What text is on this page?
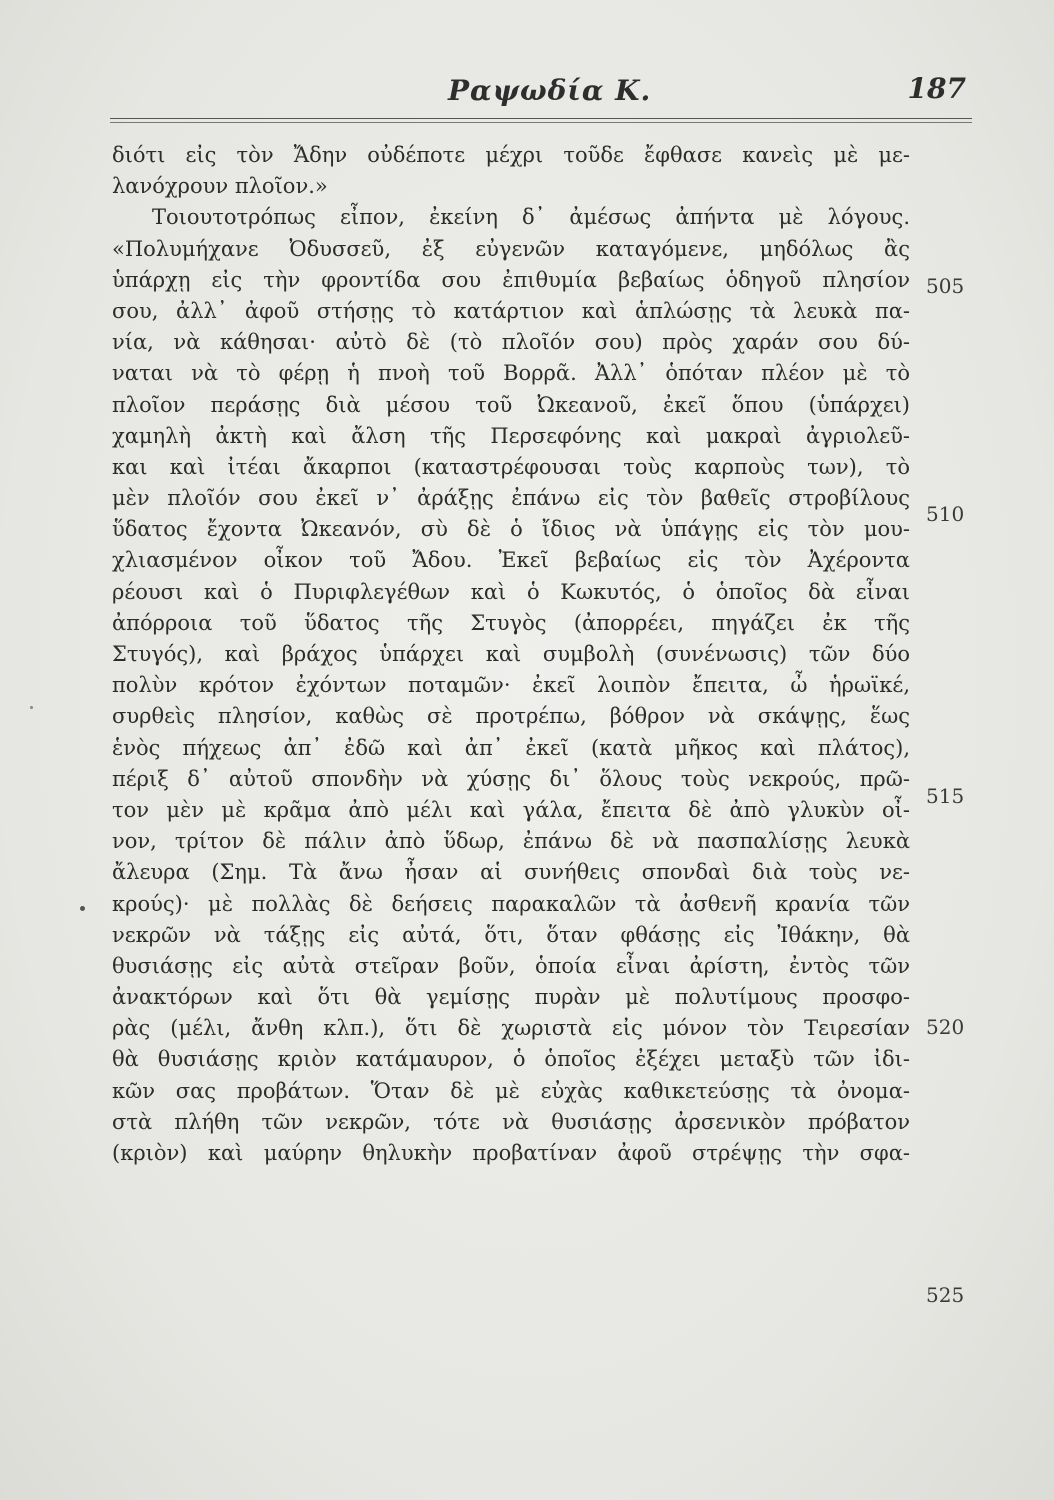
Ραψωδία Κ.	187
διότι εἰς τὸν Ἄδην οὐδέποτε μέχρι τοῦδε ἔφθασε κανεὶς μὲ με-
λανόχρουν πλοῖον.»
Τοιουτοτρόπως εἶπον, ἐκείνη δ᾿ ἀμέσως ἀπήντα μὲ λόγους.
«Πολυμήχανε Ὀδυσσεῦ, ἐξ εὐγενῶν καταγόμενε, μηδόλως ἂς
ὑπάρχῃ εἰς τὴν φροντίδα σου ἐπιθυμία βεβαίως ὁδηγοῦ πλησίον
σου, ἀλλ᾿ ἀφοῦ στήσῃς τὸ κατάρτιον καὶ ἁπλώσῃς τὰ λευκὰ πα-
νία, νὰ κάθησαι· αὐτὸ δὲ (τὸ πλοῖόν σου) πρὸς χαράν σου δύ-
ναται νὰ τὸ φέρῃ ἡ πνοὴ τοῦ Βορρᾶ. Ἀλλ᾿ ὁπόταν πλέον μὲ τὸ
πλοῖον περάσῃς διὰ μέσου τοῦ Ὠκεανοῦ, ἐκεῖ ὅπου (ὑπάρχει)
χαμηλὴ ἀκτὴ καὶ ἄλση τῆς Περσεφόνης καὶ μακραὶ ἀγριολεῦ-
και καὶ ἰτέαι ἄκαρποι (καταστρέφουσαι τοὺς καρποὺς των), τὸ
μὲν πλοῖόν σου ἐκεῖ ν᾿ ἀράξῃς ἐπάνω εἰς τὸν βαθεῖς στροβίλους
ὕδατος ἔχοντα Ὠκεανόν, σὺ δὲ ὁ ἴδιος νὰ ὑπάγῃς εἰς τὸν μου-
χλιασμένον οἶκον τοῦ Ἄδου. Ἐκεῖ βεβαίως εἰς τὸν Ἀχέροντα
ρέουσι καὶ ὁ Πυριφλεγέθων καὶ ὁ Κωκυτός, ὁ ὁποῖος δὰ εἶναι
ἀπόρροια τοῦ ὕδατος τῆς Στυγὸς (ἀπορρέει, πηγάζει ἐκ τῆς
Στυγός), καὶ βράχος ὑπάρχει καὶ συμβολὴ (συνένωσις) τῶν δύο
πολὺν κρότον ἐχόντων ποταμῶν· ἐκεῖ λοιπὸν ἔπειτα, ὦ ἡρωϊκέ,
συρθεὶς πλησίον, καθὼς σὲ προτρέπω, βόθρον νὰ σκάψῃς, ἕως
ἑνὸς πήχεως ἀπ᾿ ἐδῶ καὶ ἀπ᾿ ἐκεῖ (κατὰ μῆκος καὶ πλάτος),
πέριξ δ᾿ αὐτοῦ σπονδὴν νὰ χύσῃς δι᾿ ὅλους τοὺς νεκρούς, πρῶ-
τον μὲν μὲ κρᾶμα ἀπὸ μέλι καὶ γάλα, ἔπειτα δὲ ἀπὸ γλυκὺν οἶ-
νον, τρίτον δὲ πάλιν ἀπὸ ὕδωρ, ἐπάνω δὲ νὰ πασπαλίσῃς λευκὰ
ἄλευρα (Σημ. Τὰ ἄνω ἦσαν αἱ συνήθεις σπονδαὶ διὰ τοὺς νε-
κρούς)· μὲ πολλὰς δὲ δεήσεις παρακαλῶν τὰ ἀσθενῆ κρανία τῶν
νεκρῶν νὰ τάξῃς εἰς αὐτά, ὅτι, ὅταν φθάσῃς εἰς Ἰθάκην, θὰ
θυσιάσῃς εἰς αὐτὰ στεῖραν βοῦν, ὁποία εἶναι ἀρίστη, ἐντὸς τῶν
ἀνακτόρων καὶ ὅτι θὰ γεμίσῃς πυρὰν μὲ πολυτίμους προσφο-
ρὰς (μέλι, ἄνθη κλπ.), ὅτι δὲ χωριστὰ εἰς μόνον τὸν Τειρεσίαν
θὰ θυσιάσῃς κριὸν κατάμαυρον, ὁ ὁποῖος ἐξέχει μεταξὺ τῶν ἰδι-
κῶν σας προβάτων. Ὅταν δὲ μὲ εὐχὰς καθικετεύσῃς τὰ ὀνομα-
στὰ πλήθη τῶν νεκρῶν, τότε νὰ θυσιάσῃς ἀρσενικὸν πρόβατον
(κριὸν) καὶ μαύρην θηλυκὴν προβατίναν ἀφοῦ στρέψῃς τὴν σφα-
505
510
515
520
525
